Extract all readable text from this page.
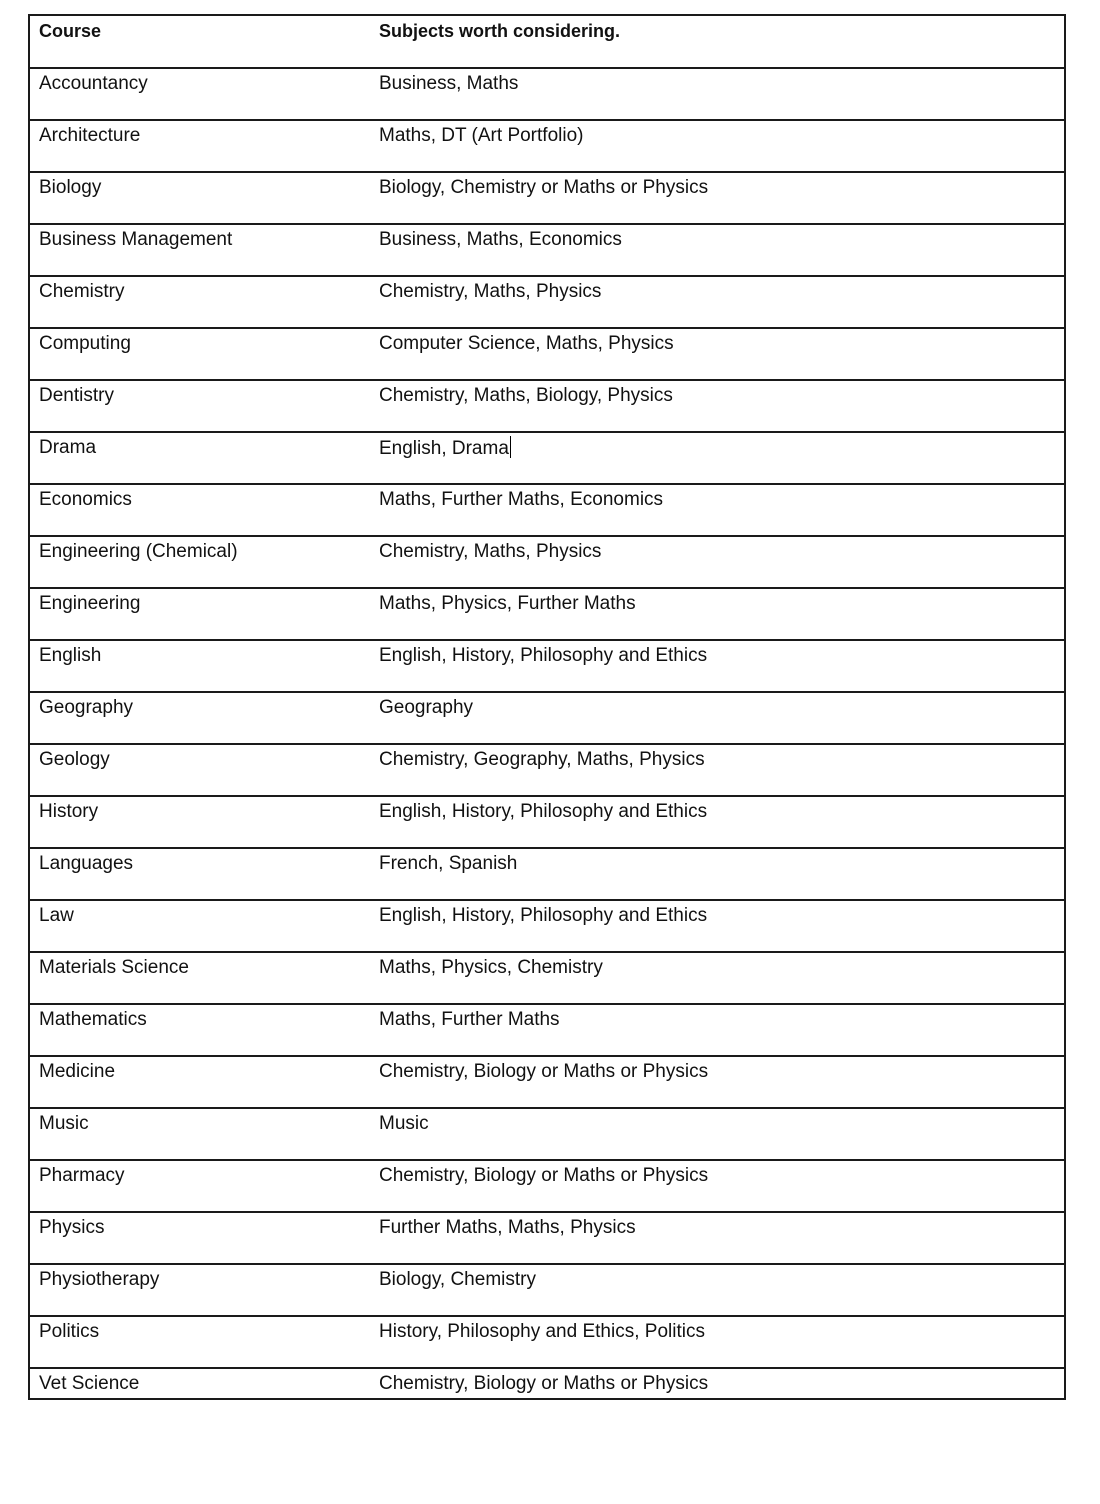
Course	Subjects worth considering.

Accountancy	Business, Maths

Architecture	Maths, DT (Art Portfolio)

Biology	Biology, Chemistry or Maths or Physics

Business Management	Business, Maths, Economics

Chemistry	Chemistry, Maths, Physics

Computing	Computer Science, Maths, Physics

Dentistry	Chemistry, Maths, Biology, Physics

Drama	English, Drama

Economics	Maths, Further Maths, Economics

Engineering (Chemical)	Chemistry, Maths, Physics

Engineering	Maths, Physics, Further Maths

English	English, History, Philosophy and Ethics

Geography	Geography

Geology	Chemistry, Geography, Maths, Physics

History	English, History, Philosophy and Ethics

Languages	French, Spanish

Law	English, History, Philosophy and Ethics

Materials Science	Maths, Physics, Chemistry

Mathematics	Maths, Further Maths

Medicine	Chemistry, Biology or Maths or Physics

Music	Music

Pharmacy	Chemistry, Biology or Maths or Physics

Physics	Further Maths, Maths, Physics

Physiotherapy	Biology, Chemistry

Politics	History, Philosophy and Ethics, Politics

Vet Science	Chemistry, Biology or Maths or Physics
